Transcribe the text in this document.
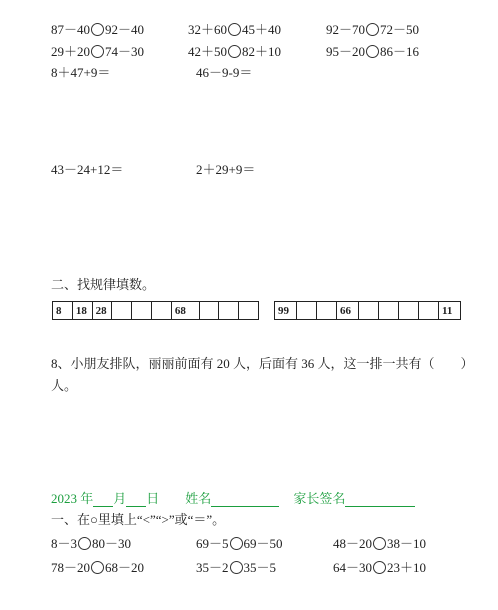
87－40 92－40	32＋60 45＋40	92－70 72－50
29＋20 74－30	42＋50 82＋10	95－20 86－16
8＋47+9＝	46－9-9＝
43－24+12＝	2＋29+9＝
二、找规律填数。
8	18 28	68	99	66	11
8、小朋友排队，丽丽前面有 20 人，后面有 36 人，这一排一共有（　　）
人。
2023 年 月 日 姓名	家长签名
一、在○里填上“<”“>”或“＝”。
8－3 80－30	69－5 69－50	48－20 38－10
78－20 68－20	35－2 35－5	64－30 23＋10
